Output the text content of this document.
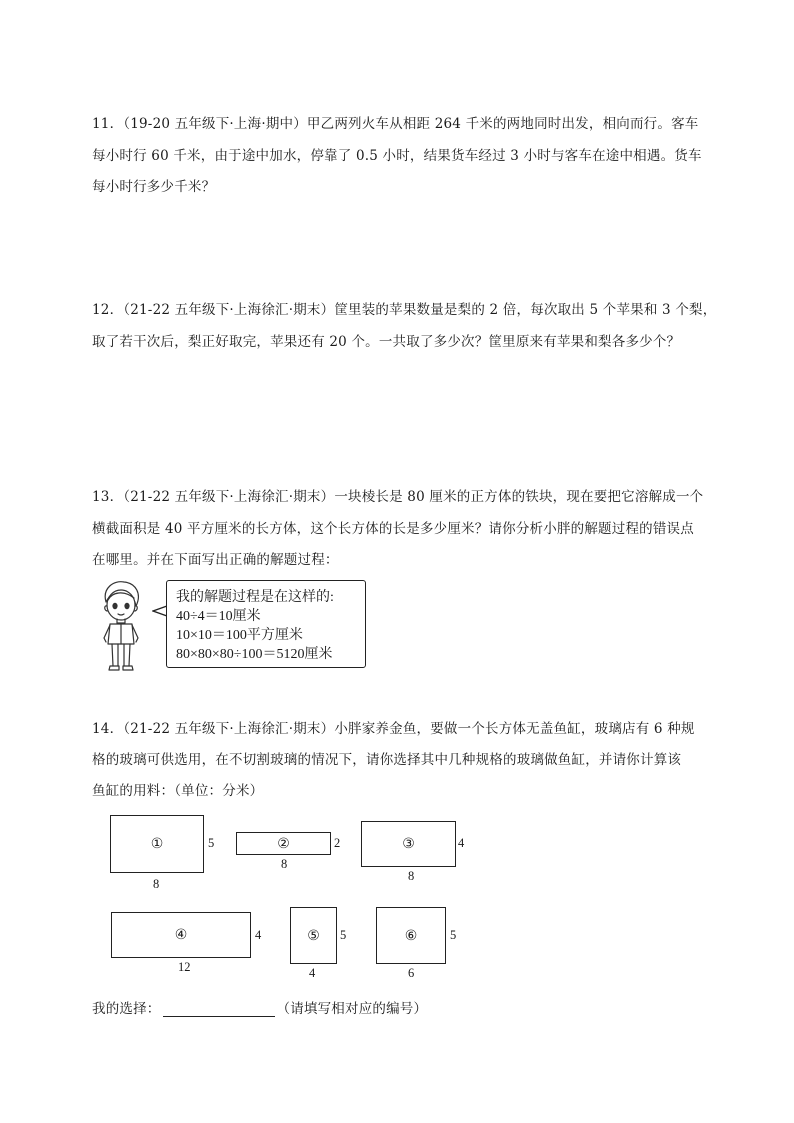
11．（19-20 五年级下·上海·期中）甲乙两列火车从相距 264 千米的两地同时出发，相向而行。客车
每小时行 60 千米，由于途中加水，停靠了 0.5 小时，结果货车经过 3 小时与客车在途中相遇。货车
每小时行多少千米？
12．（21-22 五年级下·上海徐汇·期末）筐里装的苹果数量是梨的 2 倍，每次取出 5 个苹果和 3 个梨，
取了若干次后，梨正好取完，苹果还有 20 个。一共取了多少次？筐里原来有苹果和梨各多少个？
13．（21-22 五年级下·上海徐汇·期末）一块棱长是 80 厘米的正方体的铁块，现在要把它溶解成一个
横截面积是 40 平方厘米的长方体，这个长方体的长是多少厘米？请你分析小胖的解题过程的错误点
在哪里。并在下面写出正确的解题过程：
我的解题过程是在这样的:
40÷4＝10厘米
10×10＝100平方厘米
80×80×80÷100＝5120厘米
14．（21-22 五年级下·上海徐汇·期末）小胖家养金鱼，要做一个长方体无盖鱼缸，玻璃店有 6 种规
格的玻璃可供选用，在不切割玻璃的情况下，请你选择其中几种规格的玻璃做鱼缸，并请你计算该
鱼缸的用料：（单位：分米）
①	5
8
②	2
8
③	4
8
④	4
12
⑤	5
4
⑥	5
6
我的选择：	（请填写相对应的编号）
